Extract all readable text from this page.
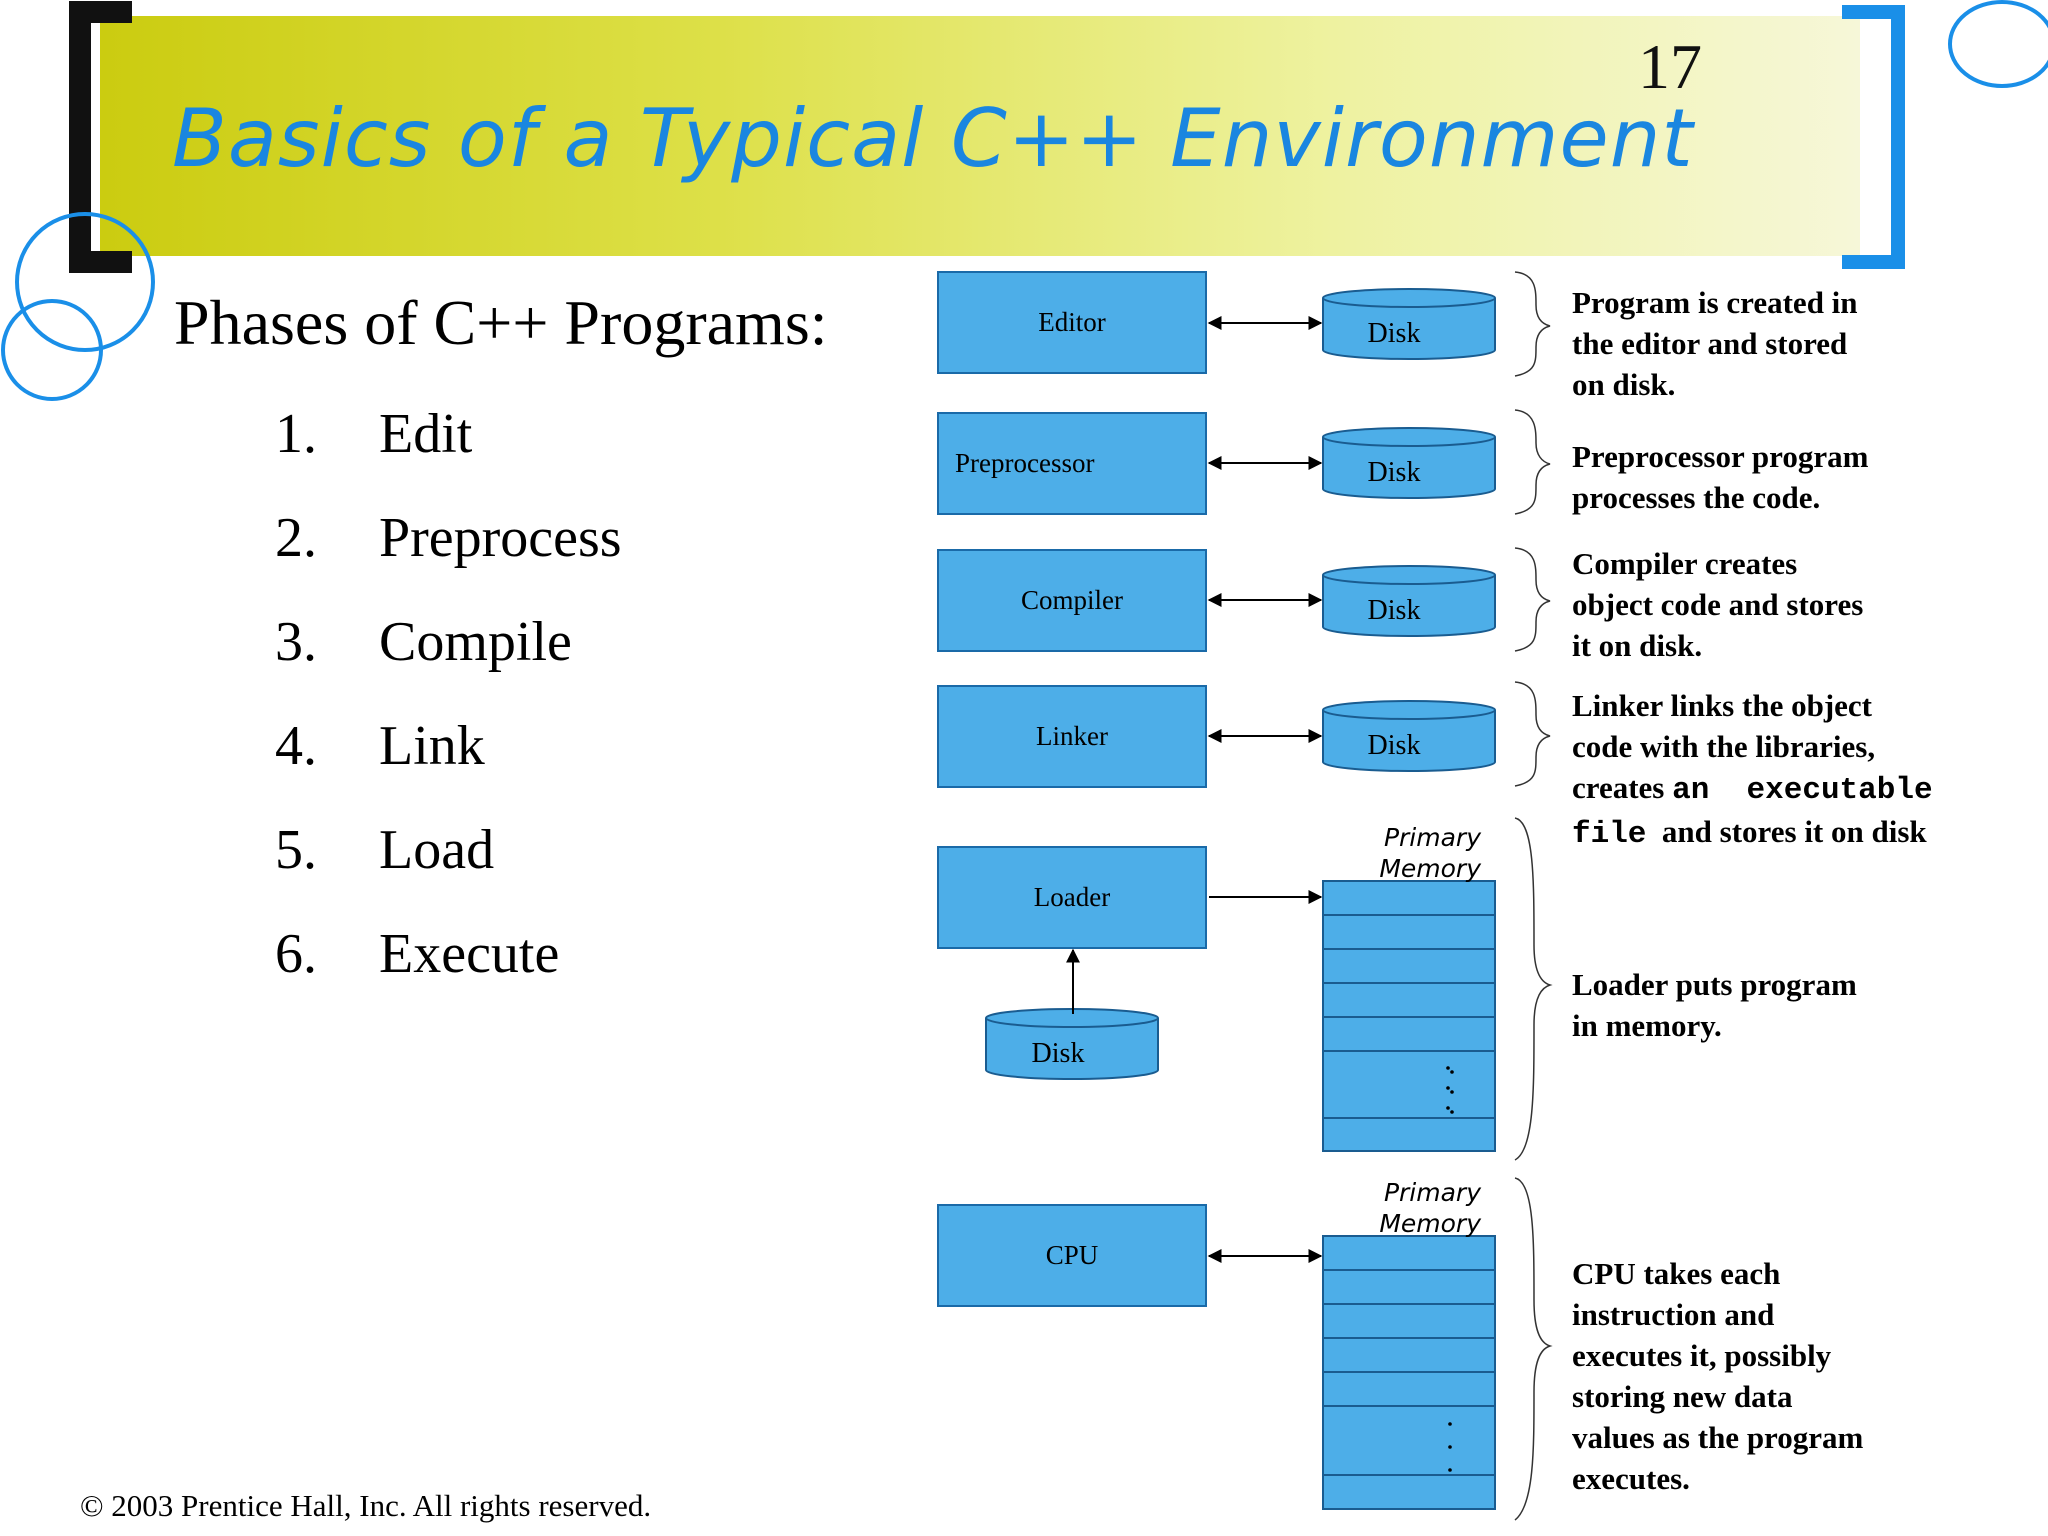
Basics of a Typical C++ Environment
17
Phases of C++ Programs:
1. Edit
2. Preprocess
3. Compile
4. Link
5. Load
6. Execute
Editor
Preprocessor
Compiler
Linker
Loader
CPU
Disk
Disk
Disk
Disk
Disk
Primary
Memory
Primary
Memory
Program is created in
the editor and stored
on disk.
Preprocessor program
processes the code.
Compiler creates
object code and stores
it on disk.
Linker links the object
code with the libraries,
creates an  executable
file  and stores it on disk
Loader puts program
in memory.
CPU takes each
instruction and
executes it, possibly
storing new data
values as the program
executes.
© 2003 Prentice Hall, Inc. All rights reserved.
